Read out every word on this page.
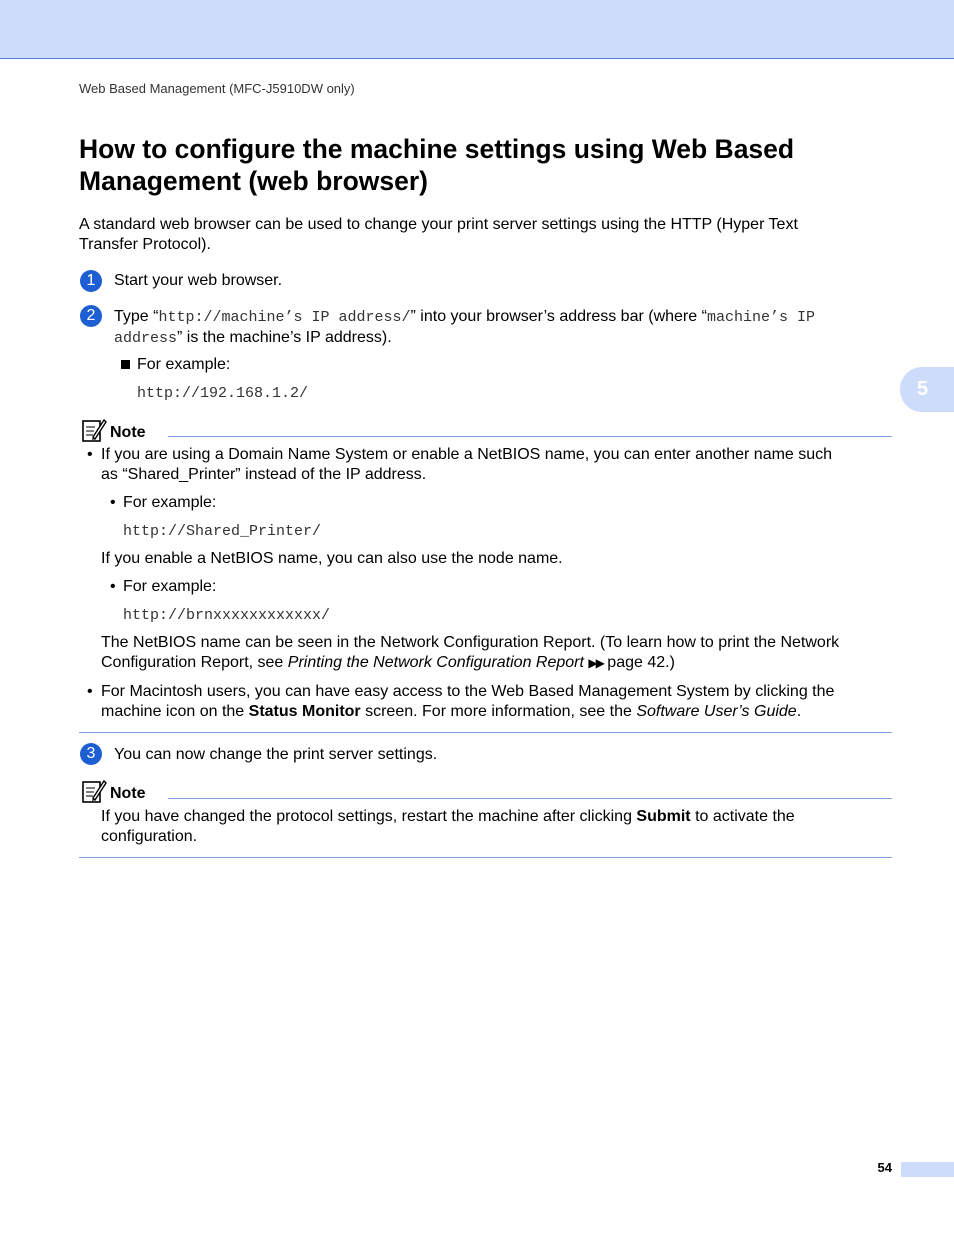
Web Based Management (MFC-J5910DW only)
How to configure the machine settings using Web Based
Management (web browser)

A standard web browser can be used to change your print server settings using the HTTP (Hyper Text
Transfer Protocol).

1	Start your web browser.

2	Type “http://machine’s IP address/” into your browser’s address bar (where “machine’s IP
address” is the machine’s IP address).

For example:

http://192.168.1.2/	5
Note
• If you are using a Domain Name System or enable a NetBIOS name, you can enter another name such
as “Shared_Printer” instead of the IP address.

• For example:

http://Shared_Printer/

If you enable a NetBIOS name, you can also use the node name.

• For example:

http://brnxxxxxxxxxxxx/

The NetBIOS name can be seen in the Network Configuration Report. (To learn how to print the Network
Configuration Report, see Printing the Network Configuration Report ▶▶ page 42.)

• For Macintosh users, you can have easy access to the Web Based Management System by clicking the
machine icon on the Status Monitor screen. For more information, see the Software User’s Guide.

3	You can now change the print server settings.

Note

If you have changed the protocol settings, restart the machine after clicking Submit to activate the
configuration.

54
